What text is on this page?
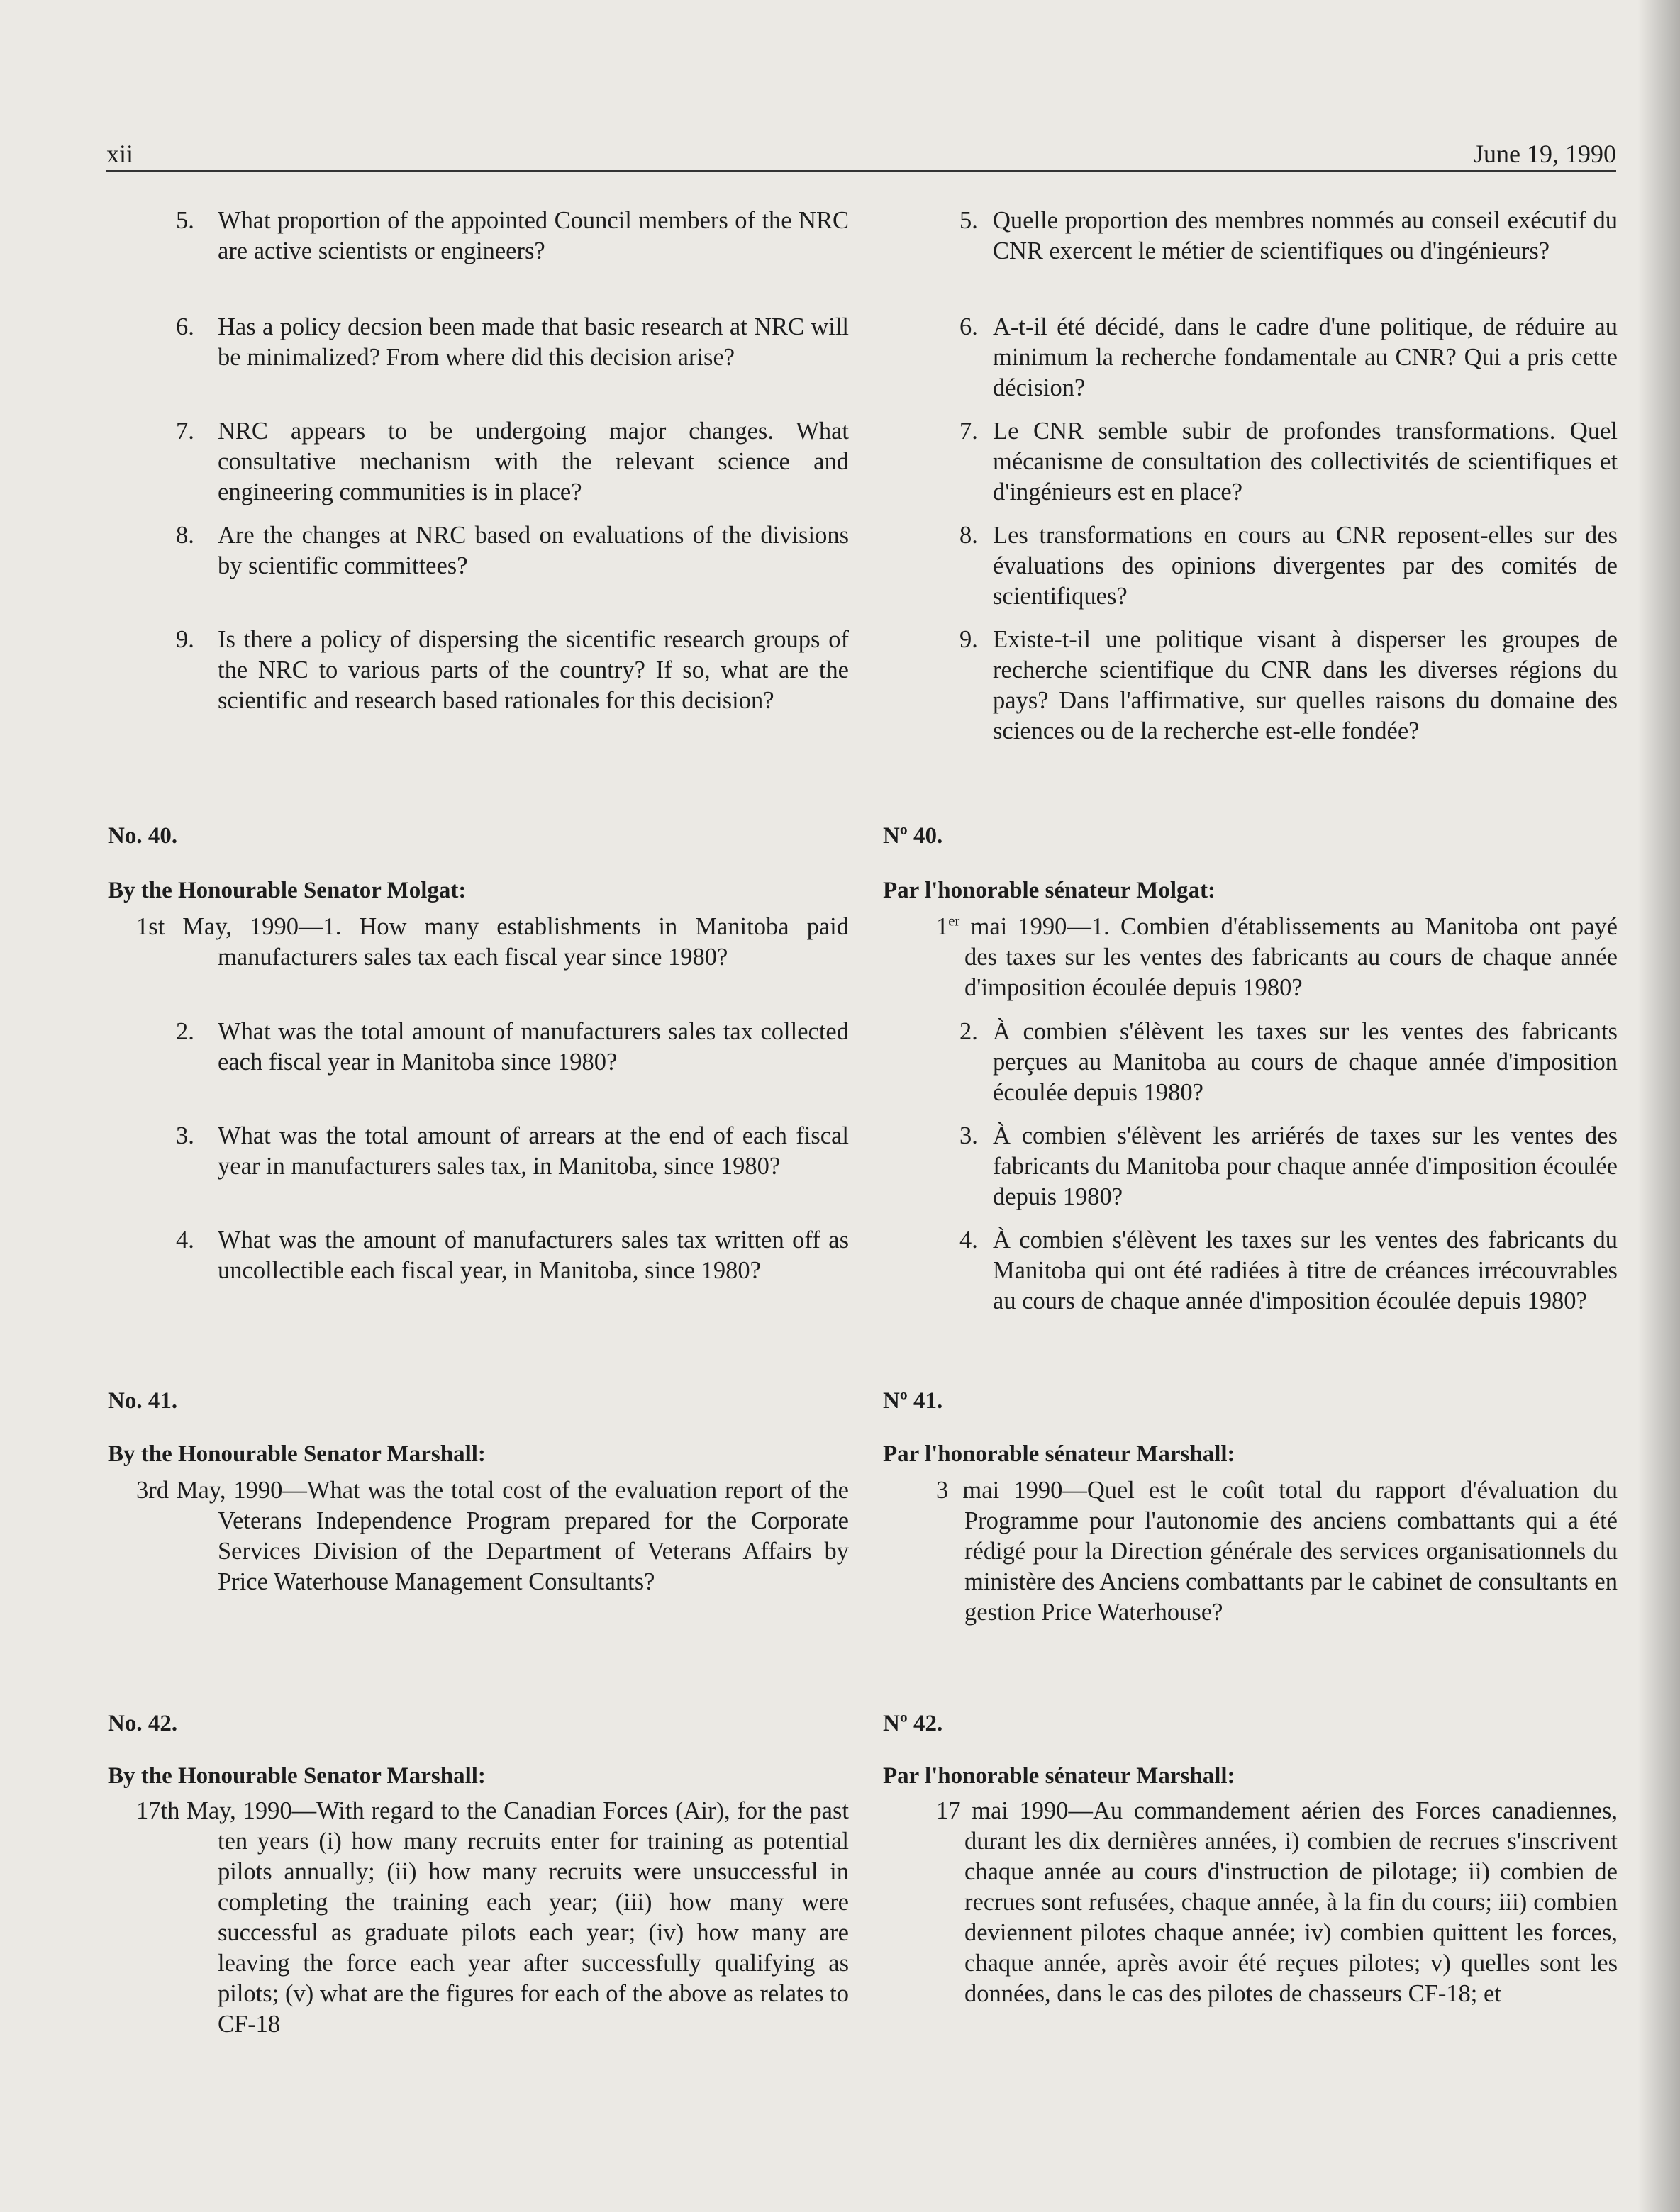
xii	June 19, 1990

5. What proportion of the appointed Council members of the NRC are active scientists or engineers?

6. Has a policy decsion been made that basic research at NRC will be minimalized? From where did this decision arise?

7. NRC appears to be undergoing major changes. What consultative mechanism with the relevant science and engineering communities is in place?

8. Are the changes at NRC based on evaluations of the divisions by scientific committees?

9. Is there a policy of dispersing the sicentific research groups of the NRC to various parts of the country? If so, what are the scientific and research based rationales for this decision?

No. 40.

By the Honourable Senator Molgat:

1st May, 1990—1. How many establishments in Manitoba paid manufacturers sales tax each fiscal year since 1980?

2. What was the total amount of manufacturers sales tax collected each fiscal year in Manitoba since 1980?

3. What was the total amount of arrears at the end of each fiscal year in manufacturers sales tax, in Manitoba, since 1980?

4. What was the amount of manufacturers sales tax written off as uncollectible each fiscal year, in Manitoba, since 1980?

No. 41.

By the Honourable Senator Marshall:

3rd May, 1990—What was the total cost of the evaluation report of the Veterans Independence Program prepared for the Corporate Services Division of the Department of Veterans Affairs by Price Waterhouse Management Consultants?

No. 42.

By the Honourable Senator Marshall:

17th May, 1990—With regard to the Canadian Forces (Air), for the past ten years (i) how many recruits enter for training as potential pilots annually; (ii) how many recruits were unsuccessful in completing the training each year; (iii) how many were successful as graduate pilots each year; (iv) how many are leaving the force each year after successfully qualifying as pilots; (v) what are the figures for each of the above as relates to CF-18

5. Quelle proportion des membres nommés au conseil exécutif du CNR exercent le métier de scientifiques ou d'ingénieurs?

6. A-t-il été décidé, dans le cadre d'une politique, de réduire au minimum la recherche fondamentale au CNR? Qui a pris cette décision?

7. Le CNR semble subir de profondes transformations. Quel mécanisme de consultation des collectivités de scientifiques et d'ingénieurs est en place?

8. Les transformations en cours au CNR reposent-elles sur des évaluations des opinions divergentes par des comités de scientifiques?

9. Existe-t-il une politique visant à disperser les groupes de recherche scientifique du CNR dans les diverses régions du pays? Dans l'affirmative, sur quelles raisons du domaine des sciences ou de la recherche est-elle fondée?

Nº 40.

Par l'honorable sénateur Molgat:

1er mai 1990—1. Combien d'établissements au Manitoba ont payé des taxes sur les ventes des fabricants au cours de chaque année d'imposition écoulée depuis 1980?

2. À combien s'élèvent les taxes sur les ventes des fabricants perçues au Manitoba au cours de chaque année d'imposition écoulée depuis 1980?

3. À combien s'élèvent les arriérés de taxes sur les ventes des fabricants du Manitoba pour chaque année d'imposition écoulée depuis 1980?

4. À combien s'élèvent les taxes sur les ventes des fabricants du Manitoba qui ont été radiées à titre de créances irrécouvrables au cours de chaque année d'imposition écoulée depuis 1980?

Nº 41.

Par l'honorable sénateur Marshall:

3 mai 1990—Quel est le coût total du rapport d'évaluation du Programme pour l'autonomie des anciens combattants qui a été rédigé pour la Direction générale des services organisationnels du ministère des Anciens combattants par le cabinet de consultants en gestion Price Waterhouse?

Nº 42.

Par l'honorable sénateur Marshall:

17 mai 1990—Au commandement aérien des Forces canadiennes, durant les dix dernières années, i) combien de recrues s'inscrivent chaque année au cours d'instruction de pilotage; ii) combien de recrues sont refusées, chaque année, à la fin du cours; iii) combien deviennent pilotes chaque année; iv) combien quittent les forces, chaque année, après avoir été reçues pilotes; v) quelles sont les données, dans le cas des pilotes de chasseurs CF-18; et
